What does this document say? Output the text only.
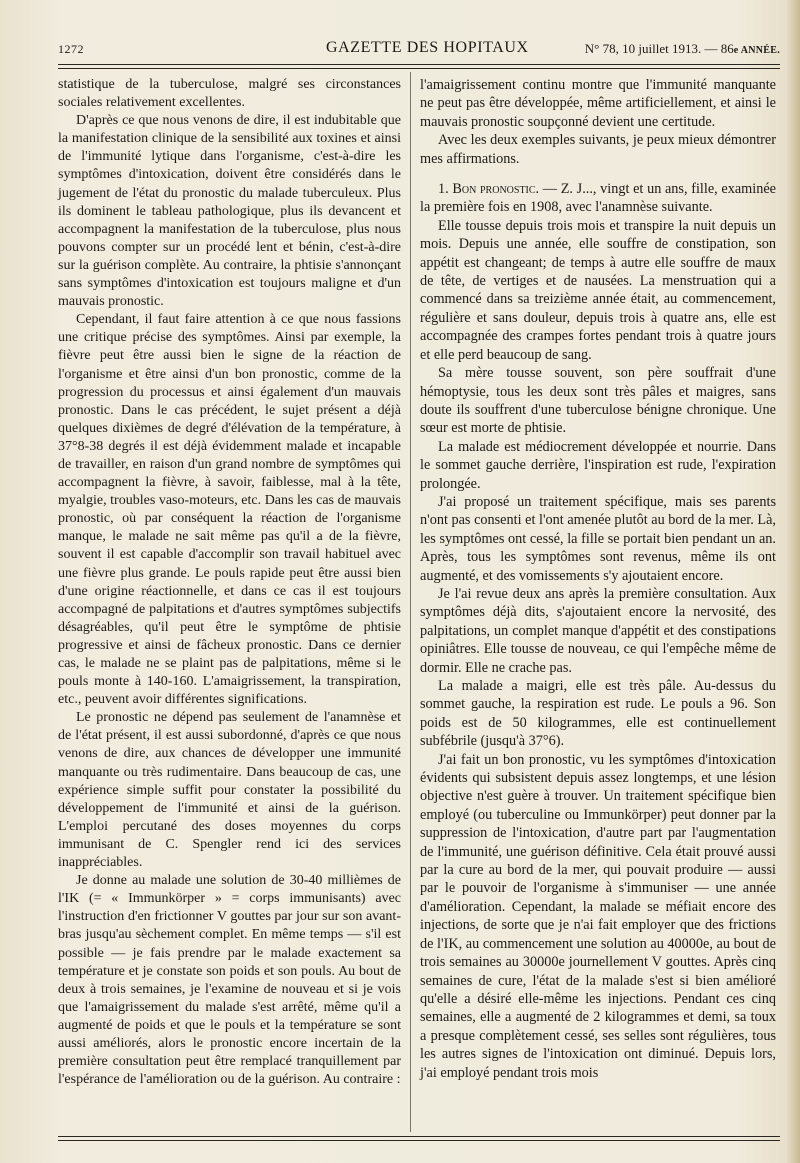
1272	GAZETTE DES HOPITAUX	N° 78, 10 juillet 1913. — 86e ANNÉE.

statistique de la tuberculose, malgré ses circonstances sociales relativement excellentes.

D'après ce que nous venons de dire, il est indubitable que la manifestation clinique de la sensibilité aux toxines et ainsi de l'immunité lytique dans l'organisme, c'est-à-dire les symptômes d'intoxication, doivent être considérés dans le jugement de l'état du pronostic du malade tuberculeux. Plus ils dominent le tableau pathologique, plus ils devancent et accompagnent la manifestation de la tuberculose, plus nous pouvons compter sur un procédé lent et bénin, c'est-à-dire sur la guérison complète. Au contraire, la phtisie s'annonçant sans symptômes d'intoxication est toujours maligne et d'un mauvais pronostic.

Cependant, il faut faire attention à ce que nous fassions une critique précise des symptômes. Ainsi par exemple, la fièvre peut être aussi bien le signe de la réaction de l'organisme et être ainsi d'un bon pronostic, comme de la progression du processus et ainsi également d'un mauvais pronostic. Dans le cas précédent, le sujet présent a déjà quelques dixièmes de degré d'élévation de la température, à 37°8-38 degrés il est déjà évidemment malade et incapable de travailler, en raison d'un grand nombre de symptômes qui accompagnent la fièvre, à savoir, faiblesse, mal à la tête, myalgie, troubles vaso-moteurs, etc. Dans les cas de mauvais pronostic, où par conséquent la réaction de l'organisme manque, le malade ne sait même pas qu'il a de la fièvre, souvent il est capable d'accomplir son travail habituel avec une fièvre plus grande. Le pouls rapide peut être aussi bien d'une origine réactionnelle, et dans ce cas il est toujours accompagné de palpitations et d'autres symptômes subjectifs désagréables, qu'il peut être le symptôme de phtisie progressive et ainsi de fâcheux pronostic. Dans ce dernier cas, le malade ne se plaint pas de palpitations, même si le pouls monte à 140-160. L'amaigrissement, la transpiration, etc., peuvent avoir différentes significations.

Le pronostic ne dépend pas seulement de l'anamnèse et de l'état présent, il est aussi subordonné, d'après ce que nous venons de dire, aux chances de développer une immunité manquante ou très rudimentaire. Dans beaucoup de cas, une expérience simple suffit pour constater la possibilité du développement de l'immunité et ainsi de la guérison. L'emploi percutané des doses moyennes du corps immunisant de C. Spengler rend ici des services inappréciables.

Je donne au malade une solution de 30-40 millièmes de l'IK (= « Immunkörper » = corps immunisants) avec l'instruction d'en frictionner V gouttes par jour sur son avant-bras jusqu'au sèchement complet. En même temps — s'il est possible — je fais prendre par le malade exactement sa température et je constate son poids et son pouls. Au bout de deux à trois semaines, je l'examine de nouveau et si je vois que l'amaigrissement du malade s'est arrêté, même qu'il a augmenté de poids et que le pouls et la température se sont aussi améliorés, alors le pronostic encore incertain de la première consultation peut être remplacé tranquillement par l'espérance de l'amélioration ou de la guérison. Au contraire :

l'amaigrissement continu montre que l'immunité manquante ne peut pas être développée, même artificiellement, et ainsi le mauvais pronostic soupçonné devient une certitude.

Avec les deux exemples suivants, je peux mieux démontrer mes affirmations.

1. Bon pronostic. — Z. J..., vingt et un ans, fille, examinée la première fois en 1908, avec l'anamnèse suivante.

Elle tousse depuis trois mois et transpire la nuit depuis un mois. Depuis une année, elle souffre de constipation, son appétit est changeant; de temps à autre elle souffre de maux de tête, de vertiges et de nausées. La menstruation qui a commencé dans sa treizième année était, au commencement, régulière et sans douleur, depuis trois à quatre ans, elle est accompagnée des crampes fortes pendant trois à quatre jours et elle perd beaucoup de sang.

Sa mère tousse souvent, son père souffrait d'une hémoptysie, tous les deux sont très pâles et maigres, sans doute ils souffrent d'une tuberculose bénigne chronique. Une sœur est morte de phtisie.

La malade est médiocrement développée et nourrie. Dans le sommet gauche derrière, l'inspiration est rude, l'expiration prolongée.

J'ai proposé un traitement spécifique, mais ses parents n'ont pas consenti et l'ont amenée plutôt au bord de la mer. Là, les symptômes ont cessé, la fille se portait bien pendant un an. Après, tous les symptômes sont revenus, même ils ont augmenté, et des vomissements s'y ajoutaient encore.

Je l'ai revue deux ans après la première consultation. Aux symptômes déjà dits, s'ajoutaient encore la nervosité, des palpitations, un complet manque d'appétit et des constipations opiniâtres. Elle tousse de nouveau, ce qui l'empêche même de dormir. Elle ne crache pas.

La malade a maigri, elle est très pâle. Au-dessus du sommet gauche, la respiration est rude. Le pouls a 96. Son poids est de 50 kilogrammes, elle est continuellement subfébrile (jusqu'à 37°6).

J'ai fait un bon pronostic, vu les symptômes d'intoxication évidents qui subsistent depuis assez longtemps, et une lésion objective n'est guère à trouver. Un traitement spécifique bien employé (ou tuberculine ou Immunkörper) peut donner par la suppression de l'intoxication, d'autre part par l'augmentation de l'immunité, une guérison définitive. Cela était prouvé aussi par la cure au bord de la mer, qui pouvait produire — aussi par le pouvoir de l'organisme à s'immuniser — une année d'amélioration. Cependant, la malade se méfiait encore des injections, de sorte que je n'ai fait employer que des frictions de l'IK, au commencement une solution au 40000e, au bout de trois semaines au 30000e journellement V gouttes. Après cinq semaines de cure, l'état de la malade s'est si bien amélioré qu'elle a désiré elle-même les injections. Pendant ces cinq semaines, elle a augmenté de 2 kilogrammes et demi, sa toux a presque complètement cessé, ses selles sont régulières, tous les autres signes de l'intoxication ont diminué. Depuis lors, j'ai employé pendant trois mois
